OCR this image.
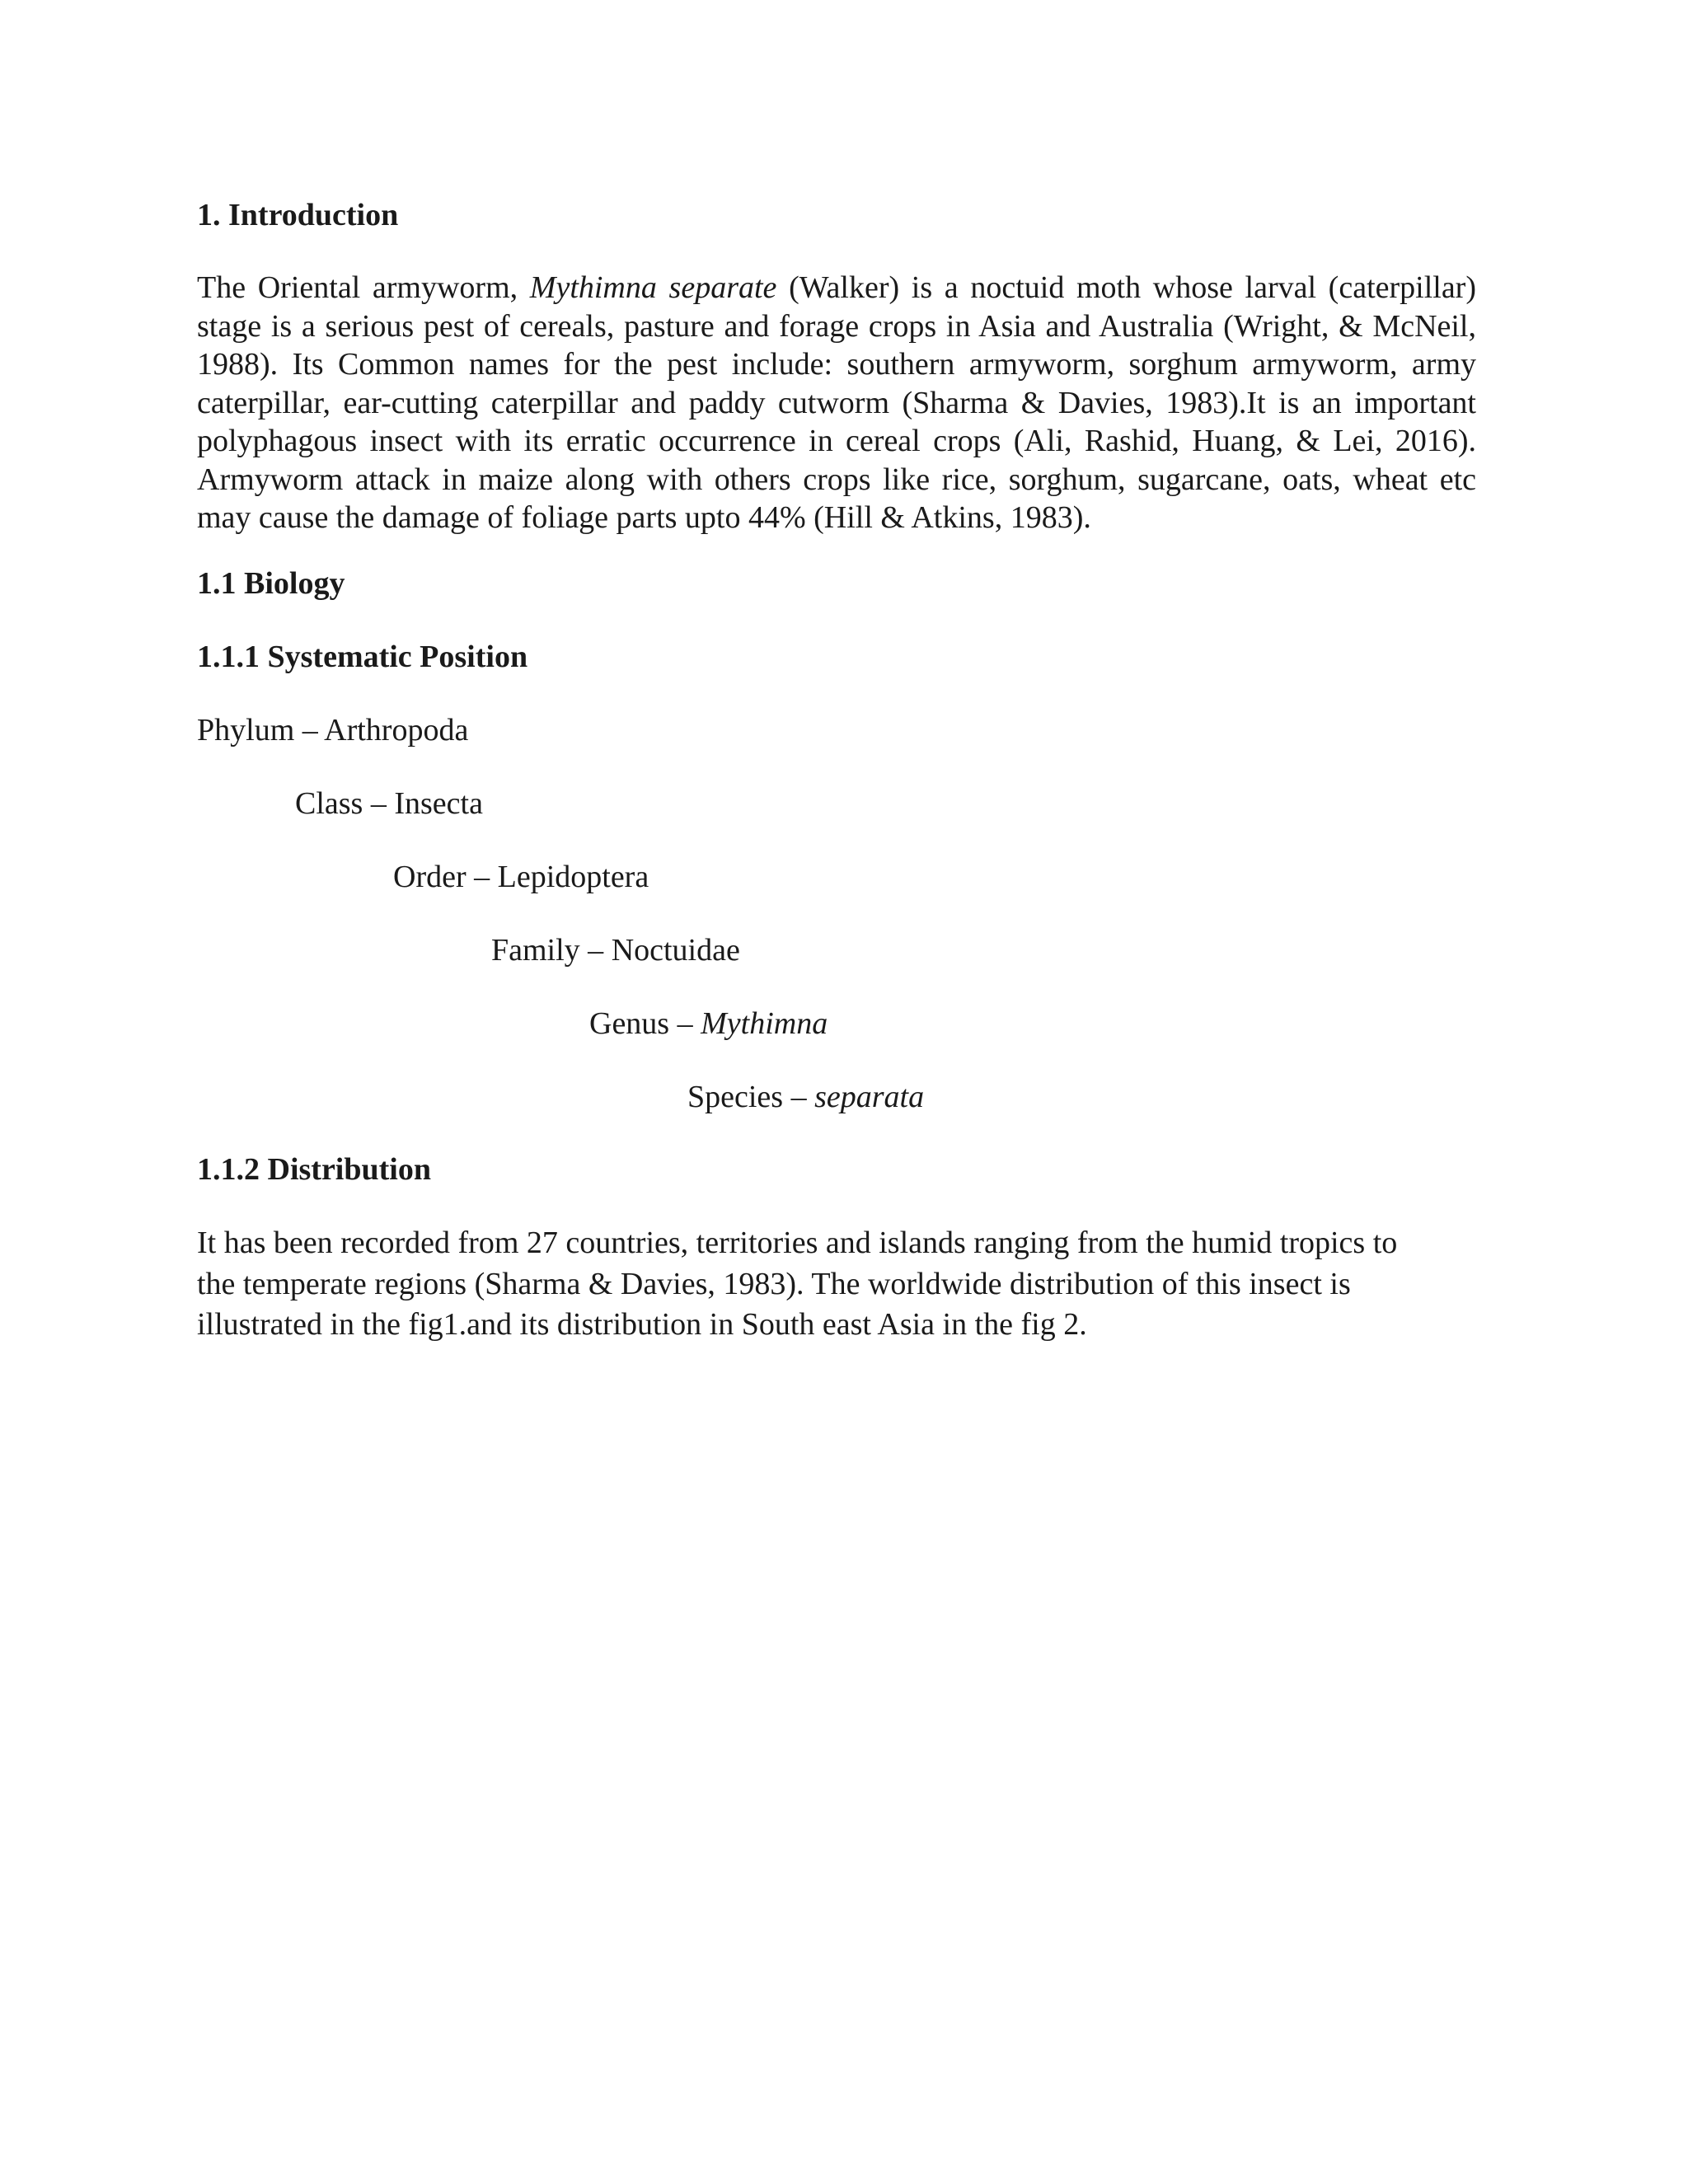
1. Introduction
The Oriental armyworm, Mythimna separate (Walker) is a noctuid moth whose larval (caterpillar)
stage is a serious pest of cereals, pasture and forage crops in Asia and Australia (Wright, & McNeil,
1988). Its Common names for the pest include: southern armyworm, sorghum armyworm, army
caterpillar, ear-cutting caterpillar and paddy cutworm (Sharma & Davies, 1983).It is an important
polyphagous insect with its erratic occurrence in cereal crops (Ali, Rashid, Huang, & Lei, 2016).
Armyworm attack in maize along with others crops like rice, sorghum, sugarcane, oats, wheat etc
may cause the damage of foliage parts upto 44% (Hill & Atkins, 1983).
1.1 Biology
1.1.1 Systematic Position
Phylum – Arthropoda
Class – Insecta
Order – Lepidoptera
Family – Noctuidae
Genus – Mythimna
Species – separata
1.1.2 Distribution
It has been recorded from 27 countries, territories and islands ranging from the humid tropics to
the temperate regions (Sharma & Davies, 1983). The worldwide distribution of this insect is
illustrated in the fig1.and its distribution in South east Asia in the fig 2.
